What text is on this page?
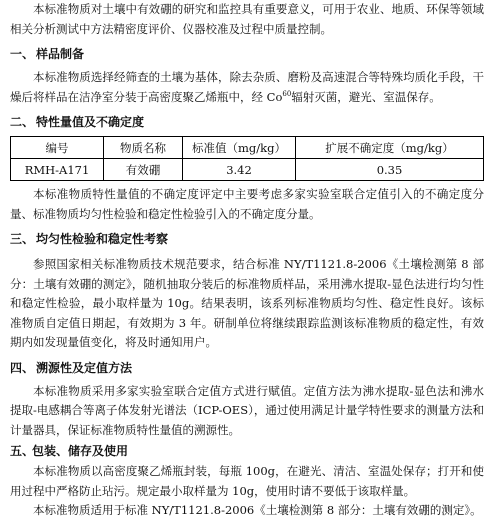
本标准物质对土壤中有效硼的研究和监控具有重要意义，可用于农业、地质、环保等领域相关分析测试中方法精密度评价、仪器校准及过程中质量控制。

一、 样品制备

本标准物质选择经筛查的土壤为基体，除去杂质、磨粉及高速混合等特殊均质化手段，干燥后将样品在洁净室分装于高密度聚乙烯瓶中，经 Co$^{60}$辐射灭菌，避光、室温保存。

二、 特性量值及不确定度
编号	物质名称	标准值（mg/kg）	扩展不确定度（mg/kg）
RMH-A171	有效硼	3.42	0.35

本标准物质特性量值的不确定度评定中主要考虑多家实验室联合定值引入的不确定度分量、标准物质均匀性检验和稳定性检验引入的不确定度分量。

三、 均匀性检验和稳定性考察

参照国家相关标准物质技术规范要求，结合标准 NY/T1121.8-2006《土壤检测第 8 部分：土壤有效硼的测定》，随机抽取分装后的标准物质样品，采用沸水提取-显色法进行均匀性和稳定性检验，最小取样量为 10g。结果表明，该系列标准物质均匀性、稳定性良好。该标准物质自定值日期起，有效期为 3 年。研制单位将继续跟踪监测该标准物质的稳定性，有效期内如发现量值变化，将及时通知用户。

四、 溯源性及定值方法

本标准物质采用多家实验室联合定值方式进行赋值。定值方法为沸水提取-显色法和沸水提取-电感耦合等离子体发射光谱法（ICP-OES），通过使用满足计量学特性要求的测量方法和计量器具，保证标准物质特性量值的溯源性。

五、包装、储存及使用

本标准物质以高密度聚乙烯瓶封装，每瓶 100g，在避光、清洁、室温处保存；打开和使用过程中严格防止玷污。规定最小取样量为 10g，使用时请不要低于该取样量。

本标准物质适用于标准 NY/T1121.8-2006《土壤检测第 8 部分：土壤有效硼的测定》。
